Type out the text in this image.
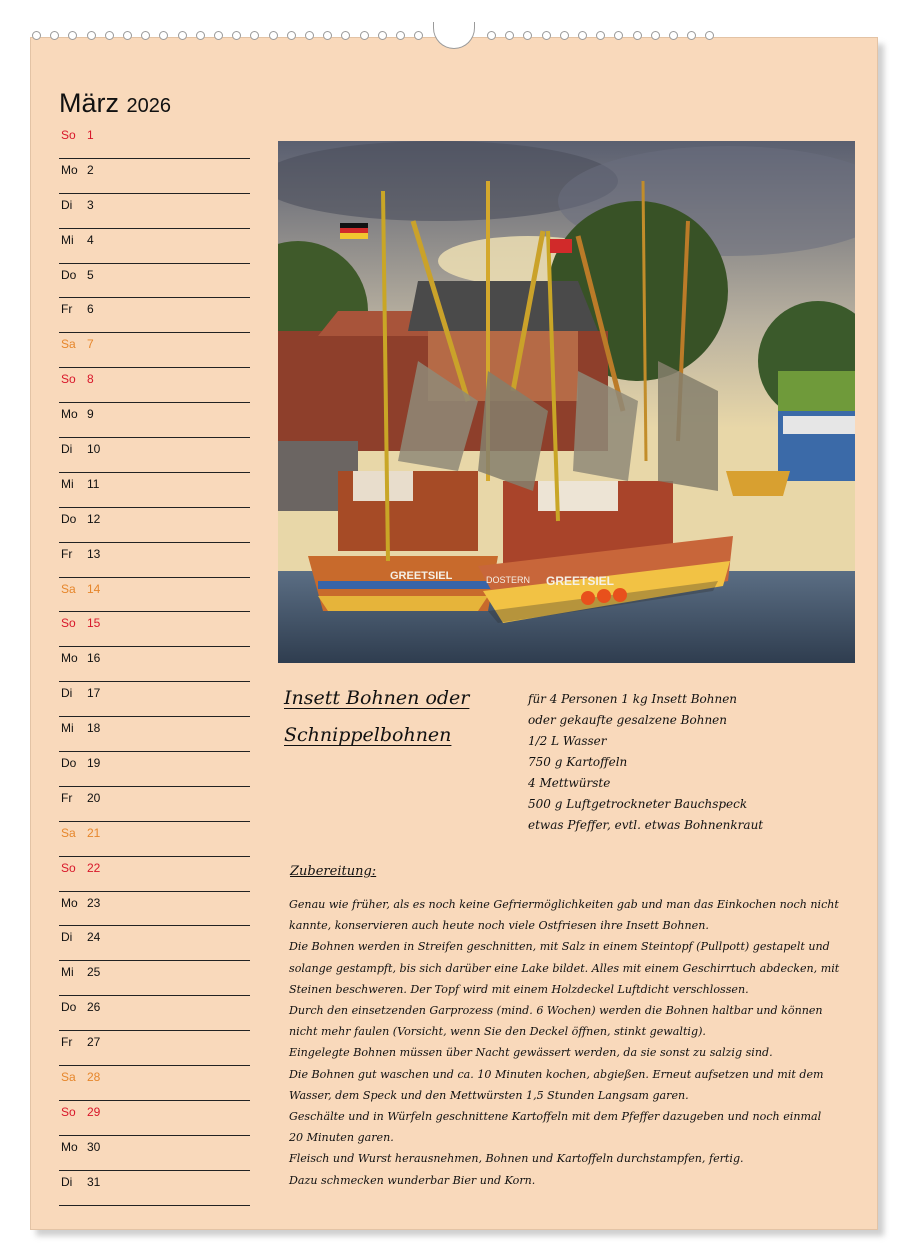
März 2026
So 1
Mo 2
Di 3
Mi 4
Do 5
Fr 6
Sa 7
So 8
Mo 9
Di 10
Mi 11
Do 12
Fr 13
Sa 14
So 15
Mo 16
Di 17
Mi 18
Do 19
Fr 20
Sa 21
So 22
Mo 23
Di 24
Mi 25
Do 26
Fr 27
Sa 28
So 29
Mo 30
Di 31
GREETSIEL	GREETSIEL
DOSTERN
Insett Bohnen oder
Schnippelbohnen
für 4 Personen 1 kg Insett Bohnen
oder gekaufte gesalzene Bohnen
1/2 L Wasser
750 g Kartoffeln
4 Mettwürste
500 g Luftgetrockneter Bauchspeck
etwas Pfeffer, evtl. etwas Bohnenkraut
Zubereitung:

Genau wie früher, als es noch keine Gefriermöglichkeiten gab und man das Einkochen noch nicht

kannte, konservieren auch heute noch viele Ostfriesen ihre Insett Bohnen.

Die Bohnen werden in Streifen geschnitten, mit Salz in einem Steintopf (Pullpott) gestapelt und

solange gestampft, bis sich darüber eine Lake bildet. Alles mit einem Geschirrtuch abdecken, mit

Steinen beschweren. Der Topf wird mit einem Holzdeckel Luftdicht verschlossen.

Durch den einsetzenden Garprozess (mind. 6 Wochen) werden die Bohnen haltbar und können

nicht mehr faulen (Vorsicht, wenn Sie den Deckel öffnen, stinkt gewaltig).

Eingelegte Bohnen müssen über Nacht gewässert werden, da sie sonst zu salzig sind.

Die Bohnen gut waschen und ca. 10 Minuten kochen, abgießen. Erneut aufsetzen und mit dem

Wasser, dem Speck und den Mettwürsten 1,5 Stunden Langsam garen.

Geschälte und in Würfeln geschnittene Kartoffeln mit dem Pfeffer dazugeben und noch einmal

20 Minuten garen.

Fleisch und Wurst herausnehmen, Bohnen und Kartoffeln durchstampfen, fertig.

Dazu schmecken wunderbar Bier und Korn.
